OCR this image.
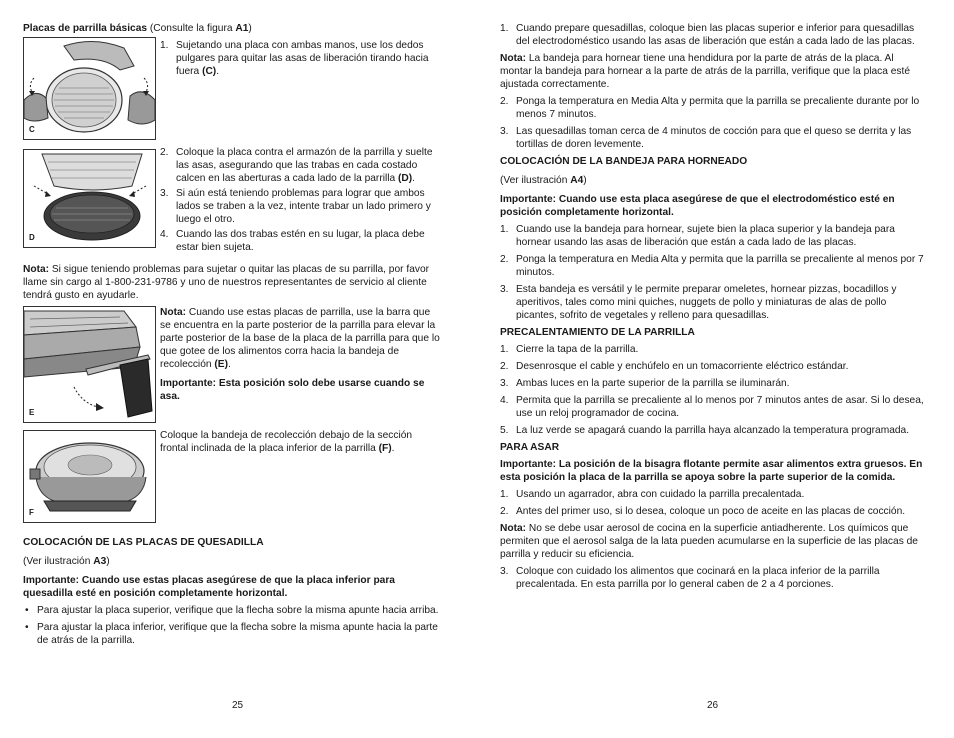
Placas de parrilla básicas (Consulte la figura A1)
C
1. Sujetando una placa con ambas manos, use los dedos pulgares para quitar las asas de liberación tirando hacia fuera (C).
D
2. Coloque la placa contra el armazón de la parrilla y suelte las asas, asegurando que las trabas en cada costado calcen en las aberturas a cada lado de la parrilla (D).
3. Si aún está teniendo problemas para lograr que ambos lados se traben a la vez, intente trabar un lado primero y luego el otro.
4. Cuando las dos trabas estén en su lugar, la placa debe estar bien sujeta.
Nota: Si sigue teniendo problemas para sujetar o quitar las placas de su parrilla, por favor llame sin cargo al 1-800-231-9786 y uno de nuestros representantes de servicio al cliente tendrá gusto en ayudarle.
E
Nota: Cuando use estas placas de parrilla, use la barra que se encuentra en la parte posterior de la parrilla para elevar la parte posterior de la base de la placa de la parrilla para que lo que gotee de los alimentos corra hacia la bandeja de recolección (E).
Importante: Esta posición solo debe usarse cuando se asa.
F
Coloque la bandeja de recolección debajo de la sección frontal inclinada de la placa inferior de la parrilla (F).
COLOCACIÓN DE LAS PLACAS DE QUESADILLA
(Ver ilustración A3)
Importante: Cuando use estas placas asegúrese de que la placa inferior para quesadilla esté en posición completamente horizontal.
• Para ajustar la placa superior, verifique que la flecha sobre la misma apunte hacia arriba.
• Para ajustar la placa inferior, verifique que la flecha sobre la misma apunte hacia la parte de atrás de la parrilla.
25
1. Cuando prepare quesadillas, coloque bien las placas superior e inferior para quesadillas del electrodoméstico usando las asas de liberación que están a cada lado de las placas.
Nota: La bandeja para hornear tiene una hendidura por la parte de atrás de la placa. Al montar la bandeja para hornear a la parte de atrás de la parrilla, verifique que la placa esté ajustada correctamente.
2. Ponga la temperatura en Media Alta y permita que la parrilla se precaliente durante por lo menos 7 minutos.
3. Las quesadillas toman cerca de 4 minutos de cocción para que el queso se derrita y las tortillas de doren levemente.
COLOCACIÓN DE LA BANDEJA PARA HORNEADO
(Ver ilustración A4)
Importante: Cuando use esta placa asegúrese de que el electrodoméstico esté en posición completamente horizontal.
1. Cuando use la bandeja para hornear, sujete bien la placa superior y la bandeja para hornear usando las asas de liberación que están a cada lado de las placas.
2. Ponga la temperatura en Media Alta y permita que la parrilla se precaliente al menos por 7 minutos.
3. Esta bandeja es versátil y le permite preparar omeletes, hornear pizzas, bocadillos y aperitivos, tales como mini quiches, nuggets de pollo y miniaturas de alas de pollo picantes, sofrito de vegetales y relleno para quesadillas.
PRECALENTAMIENTO DE LA PARRILLA
1. Cierre la tapa de la parrilla.
2. Desenrosque el cable y enchúfelo en un tomacorriente eléctrico estándar.
3. Ambas luces en la parte superior de la parrilla se iluminarán.
4. Permita que la parrilla se precaliente al lo menos por 7 minutos antes de asar. Si lo desea, use un reloj programador de cocina.
5. La luz verde se apagará cuando la parrilla haya alcanzado la temperatura programada.
PARA ASAR
Importante: La posición de la bisagra flotante permite asar alimentos extra gruesos. En esta posición la placa de la parrilla se apoya sobre la parte superior de la comida.
1. Usando un agarrador, abra con cuidado la parrilla precalentada.
2. Antes del primer uso, si lo desea, coloque un poco de aceite en las placas de cocción.
Nota: No se debe usar aerosol de cocina en la superficie antiadherente. Los químicos que permiten que el aerosol salga de la lata pueden acumularse en la superficie de las placas de parrilla y reducir su eficiencia.
3. Coloque con cuidado los alimentos que cocinará en la placa inferior de la parrilla precalentada. En esta parrilla por lo general caben de 2 a 4 porciones.
26
